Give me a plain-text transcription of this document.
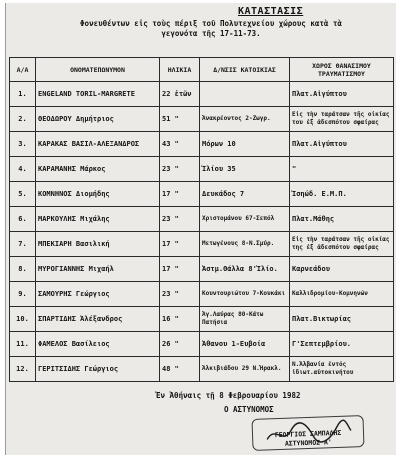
ΚΑΤΑΣΤΑΣΙΣ
Φονευθέντων εἰς τοὺς πέριξ τοῦ Πολυτεχνείου χώρους κατὰ τὰ γεγονότα τῆς 17-11-73.
Α/Α	ΟΝΟΜΑΤΕΠΩΝΥΜΟΝ	ΗΛΙΚΙΑ	Δ/ΝΣΙΣ ΚΑΤΟΙΚΙΑΣ	ΧΩΡΟΣ ΘΑΝΑΣΙΜΟΥ ΤΡΑΥΜΑΤΙΣΜΟΥ
1.	ENGELAND TORIL-MARGRETE	22 ἐτῶν		Πλατ.Αἰγύπτου
2.	ΘΕΟΔΩΡΟΥ Δημήτριος	51 "	Ἀνακρέοντος 2-Ζωγρ.	Εἰς τὴν ταράτσαν τῆς οἰκίας του ἐξ ἀδεσπότου σφαίρας
3.	ΚΑΡΑΚΑΣ ΒΑΣΙΛ-ΑΛΕΞΑΝΔΡΟΣ	43 "	Μόρων 10	Πλατ.Αἰγύπτου
4.	ΚΑΡΑΜΑΝΗΣ Μάρκος	23 "	Ἰλίου 35	"
5.	ΚΟΜΝΗΝΟΣ Διομήδης	17 "	Δευκάδος 7	Ἰσηώδ. Ε.Μ.Π.
6.	ΜΑΡΚΟΥΛΗΣ Μιχάλης	23 "	Χριστομάνου 67-Σεπόλ	Πλατ.Μάθης
7.	ΜΠΕΚΙΑΡΗ Βασιλική	17 "	Μετωγένους 8-Ν.Σμύρ.	Εἰς τὴν ταράτσαν τῆς οἰκίας της ἐξ ἀδεσπότου σφαίρας
8.	ΜΥΡΟΓΙΑΝΝΗΣ Μιχαήλ	17 "	Ἀστμ.Θάλλα 8'Ἰλίο.	Καρνεάδου
9.	ΣΑΜΟΥΡΗΣ Γεώργιος	23 "	Κουντουριώτου 7-Κουκάκι	Καλλιδρομίου-Κομνηνών
10.	ΣΠΑΡΤΙΔΗΣ Ἀλέξανδρος	16 "	Ἀγ.Λαύρας 80-Κάτω Πατήσια	Πλατ.Βικτωρίας
11.	ΦΑΜΕΛΟΣ Βασίλειος	26 "	Ἀθανου 1-Ευβοία	Γ'Σεπτεμβρίου.
12.	ΓΕΡΙΤΣΙΔΗΣ Γεώργιος	48 "	Ἀλκιβιάδου 29 Ν.Ἡρακλ.	Ν.Ἀλβανία ἐντός ἰδιωτ.αὐτοκινήτου
Ἐν Ἀθήναις τῇ 8 Φεβρουαρίου 1982
Ο ΑΣΤΥΝΟΜΟΣ
ΓΕΩΡΓΙΟΣ ΣΑΜΠΑΛΗΣ
ΑΣΤΥΝΟΜΟΣ Α'
